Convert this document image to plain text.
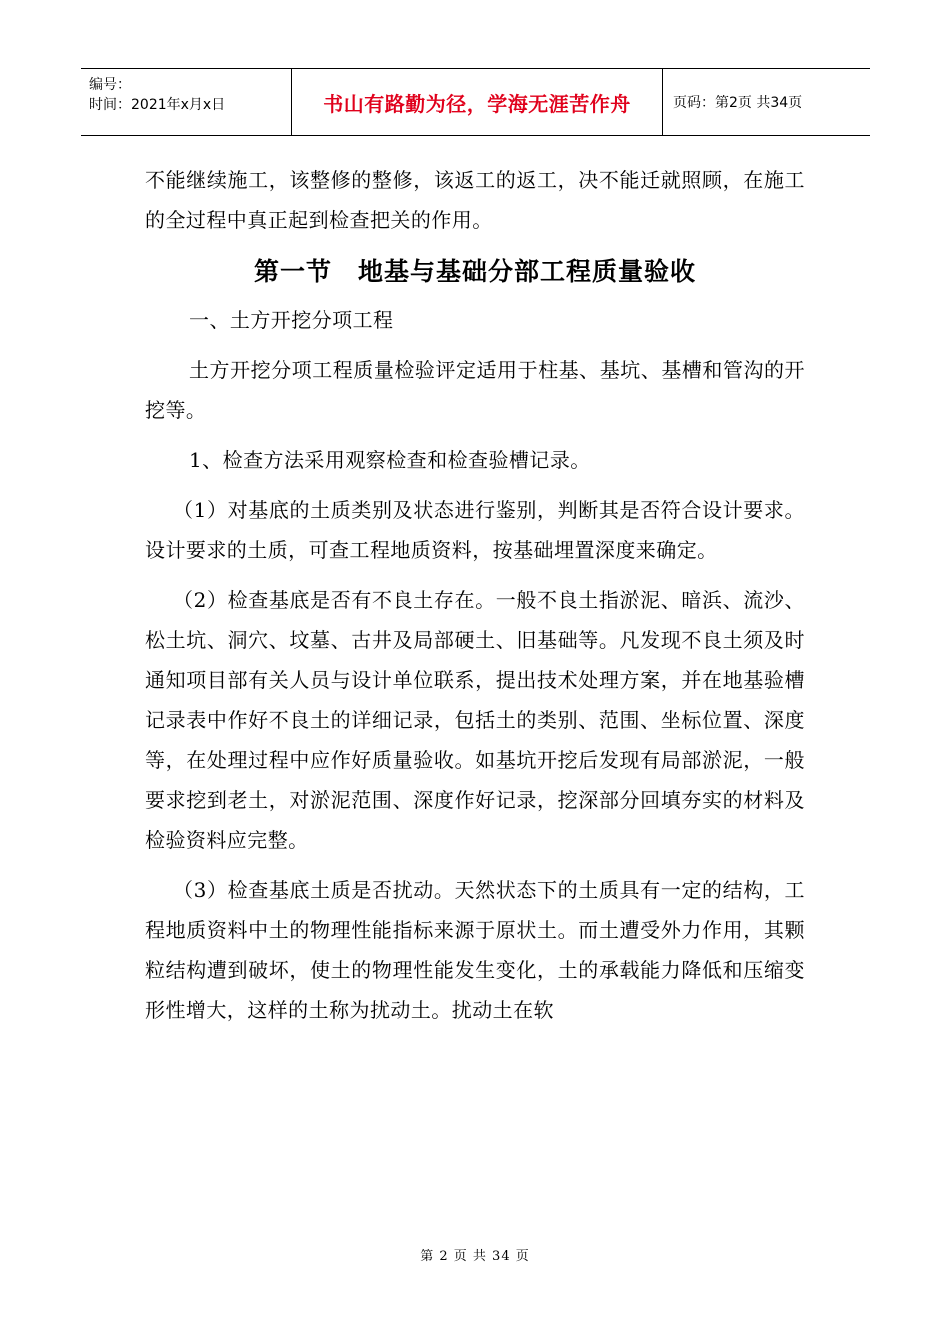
编号：
时间：2021年x月x日	书山有路勤为径，学海无涯苦作舟	页码：第2页 共34页

不能继续施工，该整修的整修，该返工的返工，决不能迁就照顾，在施工的全过程中真正起到检查把关的作用。

第一节　地基与基础分部工程质量验收

一、土方开挖分项工程

土方开挖分项工程质量检验评定适用于柱基、基坑、基槽和管沟的开挖等。

1、检查方法采用观察检查和检查验槽记录。

（1）对基底的土质类别及状态进行鉴别，判断其是否符合设计要求。设计要求的土质，可查工程地质资料，按基础埋置深度来确定。

（2）检查基底是否有不良土存在。一般不良土指淤泥、暗浜、流沙、松土坑、洞穴、坟墓、古井及局部硬土、旧基础等。凡发现不良土须及时通知项目部有关人员与设计单位联系，提出技术处理方案，并在地基验槽记录表中作好不良土的详细记录，包括土的类别、范围、坐标位置、深度等，在处理过程中应作好质量验收。如基坑开挖后发现有局部淤泥，一般要求挖到老土，对淤泥范围、深度作好记录，挖深部分回填夯实的材料及检验资料应完整。

（3）检查基底土质是否扰动。天然状态下的土质具有一定的结构，工程地质资料中土的物理性能指标来源于原状土。而土遭受外力作用，其颗粒结构遭到破坏，使土的物理性能发生变化，土的承载能力降低和压缩变形性增大，这样的土称为扰动土。扰动土在软

第 2 页 共 34 页
